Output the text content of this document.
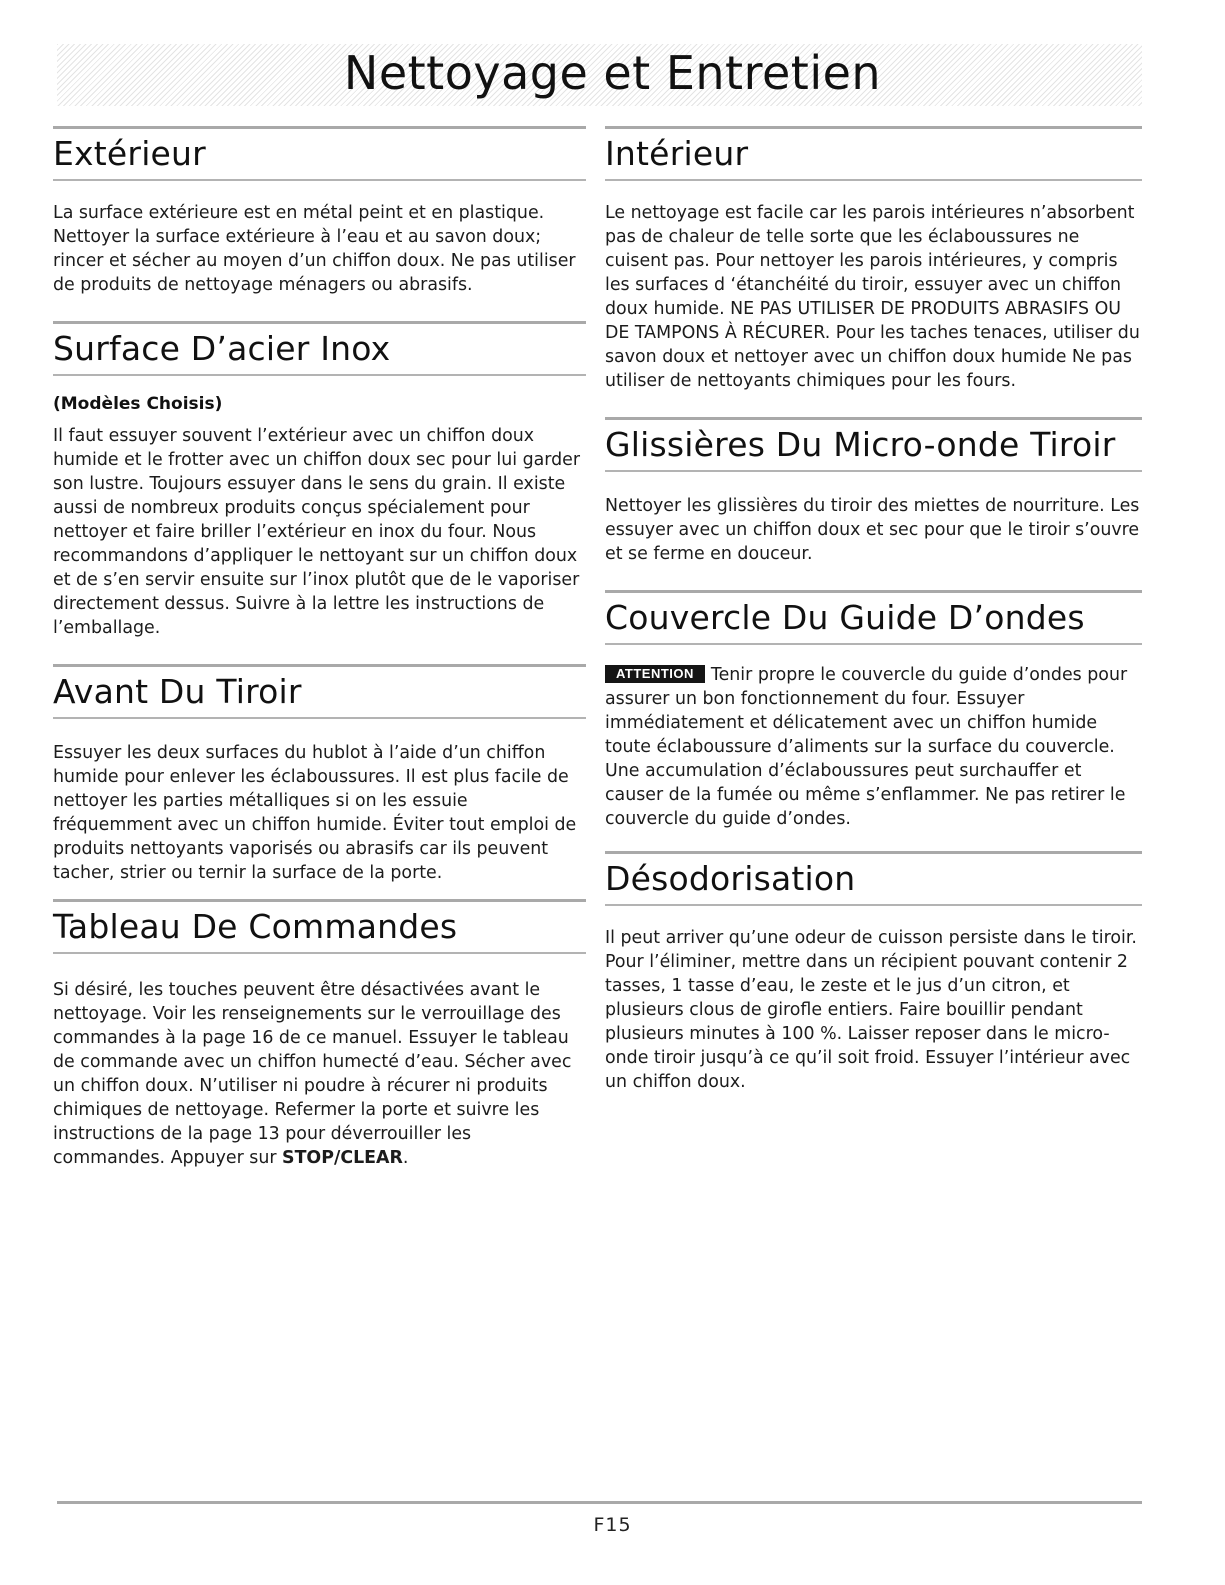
Nettoyage et Entretien
Extérieur

La surface extérieure est en métal peint et en plastique. Nettoyer la surface extérieure à l’eau et au savon doux; rincer et sécher au moyen d’un chiffon doux. Ne pas utiliser de produits de nettoyage ménagers ou abrasifs.

Surface D’acier Inox

(Modèles Choisis)

Il faut essuyer souvent l’extérieur avec un chiffon doux humide et le frotter avec un chiffon doux sec pour lui garder son lustre. Toujours essuyer dans le sens du grain. Il existe aussi de nombreux produits conçus spécialement pour nettoyer et faire briller l’extérieur en inox du four. Nous recommandons d’appliquer le nettoyant sur un chiffon doux et de s’en servir ensuite sur l’inox plutôt que de le vaporiser directement dessus. Suivre à la lettre les instructions de l’emballage.

Avant Du Tiroir

Essuyer les deux surfaces du hublot à l’aide d’un chiffon humide pour enlever les éclaboussures. Il est plus facile de nettoyer les parties métalliques si on les essuie fréquemment avec un chiffon humide. Éviter tout emploi de produits nettoyants vaporisés ou abrasifs car ils peuvent tacher, strier ou ternir la surface de la porte.

Tableau De Commandes

Si désiré, les touches peuvent être désactivées avant le nettoyage. Voir les renseignements sur le verrouillage des commandes à la page 16 de ce manuel. Essuyer le tableau de commande avec un chiffon humecté d’eau. Sécher avec un chiffon doux. N’utiliser ni poudre à récurer ni produits chimiques de nettoyage. Refermer la porte et suivre les instructions de la page 13 pour déverrouiller les commandes. Appuyer sur STOP/CLEAR.

Intérieur

Le nettoyage est facile car les parois intérieures n’absorbent pas de chaleur de telle sorte que les éclaboussures ne cuisent pas. Pour nettoyer les parois intérieures, y compris les surfaces d ‘étanchéité du tiroir, essuyer avec un chiffon doux humide. NE PAS UTILISER DE PRODUITS ABRASIFS OU DE TAMPONS À RÉCURER. Pour les taches tenaces, utiliser du savon doux et nettoyer avec un chiffon doux humide Ne pas utiliser de nettoyants chimiques pour les fours.

Glissières Du Micro-onde Tiroir

Nettoyer les glissières du tiroir des miettes de nourriture. Les essuyer avec un chiffon doux et sec pour que le tiroir s’ouvre et se ferme en douceur.

Couvercle Du Guide D’ondes

ATTENTION Tenir propre le couvercle du guide d’ondes pour assurer un bon fonctionnement du four. Essuyer immédiatement et délicatement avec un chiffon humide toute éclaboussure d’aliments sur la surface du couvercle. Une accumulation d’éclaboussures peut surchauffer et causer de la fumée ou même s’enflammer. Ne pas retirer le couvercle du guide d’ondes.

Désodorisation

Il peut arriver qu’une odeur de cuisson persiste dans le tiroir. Pour l’éliminer, mettre dans un récipient pouvant contenir 2 tasses, 1 tasse d’eau, le zeste et le jus d’un citron, et plusieurs clous de girofle entiers. Faire bouillir pendant plusieurs minutes à 100 %. Laisser reposer dans le micro-onde tiroir jusqu’à ce qu’il soit froid. Essuyer l’intérieur avec un chiffon doux.

F15
